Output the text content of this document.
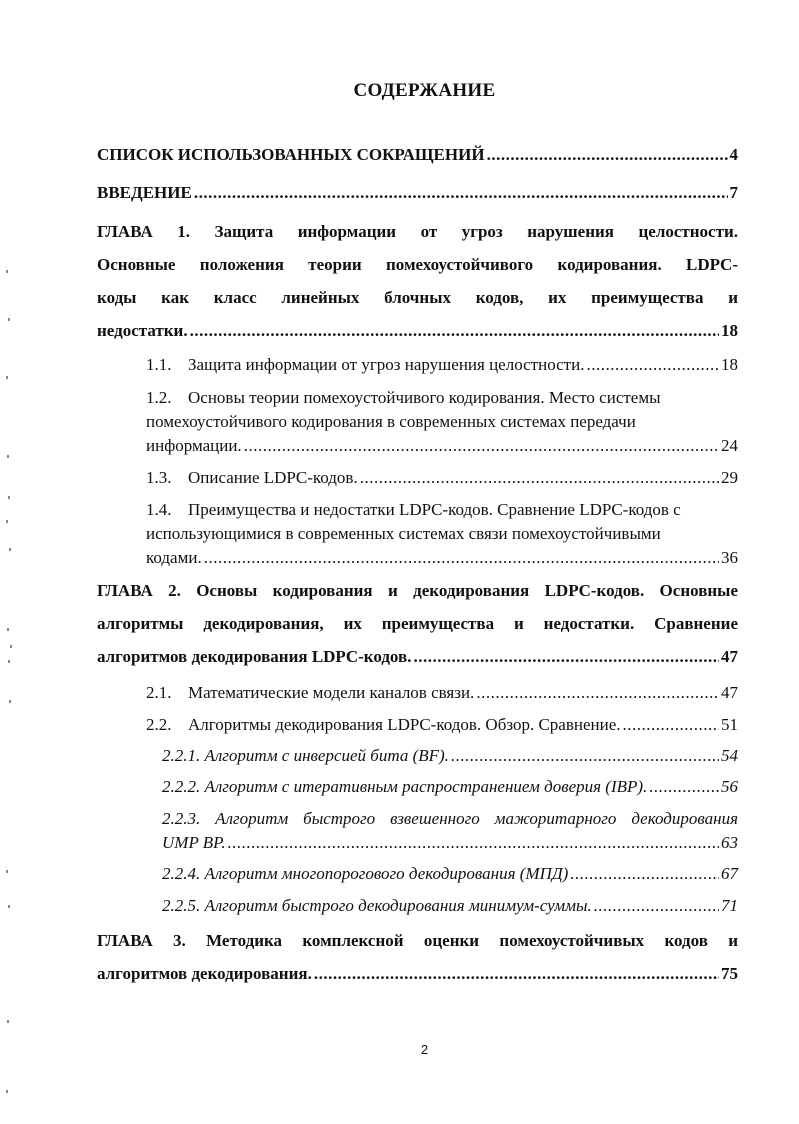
СОДЕРЖАНИЕ
СПИСОК ИСПОЛЬЗОВАННЫХ СОКРАЩЕНИЙ .....	4
ВВЕДЕНИЕ .....	7
ГЛАВА 1. Защита информации от угроз нарушения целостности.
Основные положения теории помехоустойчивого кодирования. LDPC-
коды как класс линейных блочных кодов, их преимущества и
недостатки. .....	18
1.1. Защита информации от угроз нарушения целостности. .....	18
1.2. Основы теории помехоустойчивого кодирования. Место системы
помехоустойчивого кодирования в современных системах передачи
информации. .....	24
1.3. Описание LDPC-кодов. .....	29
1.4. Преимущества и недостатки LDPC-кодов. Сравнение LDPC-кодов с
использующимися в современных системах связи помехоустойчивыми
кодами. .....	36
ГЛАВА 2. Основы кодирования и декодирования LDPC-кодов. Основные
алгоритмы декодирования, их преимущества и недостатки. Сравнение
алгоритмов декодирования LDPC-кодов. .....	47
2.1. Математические модели каналов связи. .....	47
2.2. Алгоритмы декодирования LDPC-кодов. Обзор. Сравнение. .....	51
2.2.1. Алгоритм с инверсией бита (BF). .....	54
2.2.2. Алгоритм с итеративным распространением доверия (IBP). .....	56
2.2.3. Алгоритм быстрого взвешенного мажоритарного декодирования
UMP BP. .....	63
2.2.4. Алгоритм многопорогового декодирования (МПД) .....	67
2.2.5. Алгоритм быстрого декодирования минимум-суммы. .....	71
ГЛАВА 3. Методика комплексной оценки помехоустойчивых кодов и
алгоритмов декодирования. .....	75
2
